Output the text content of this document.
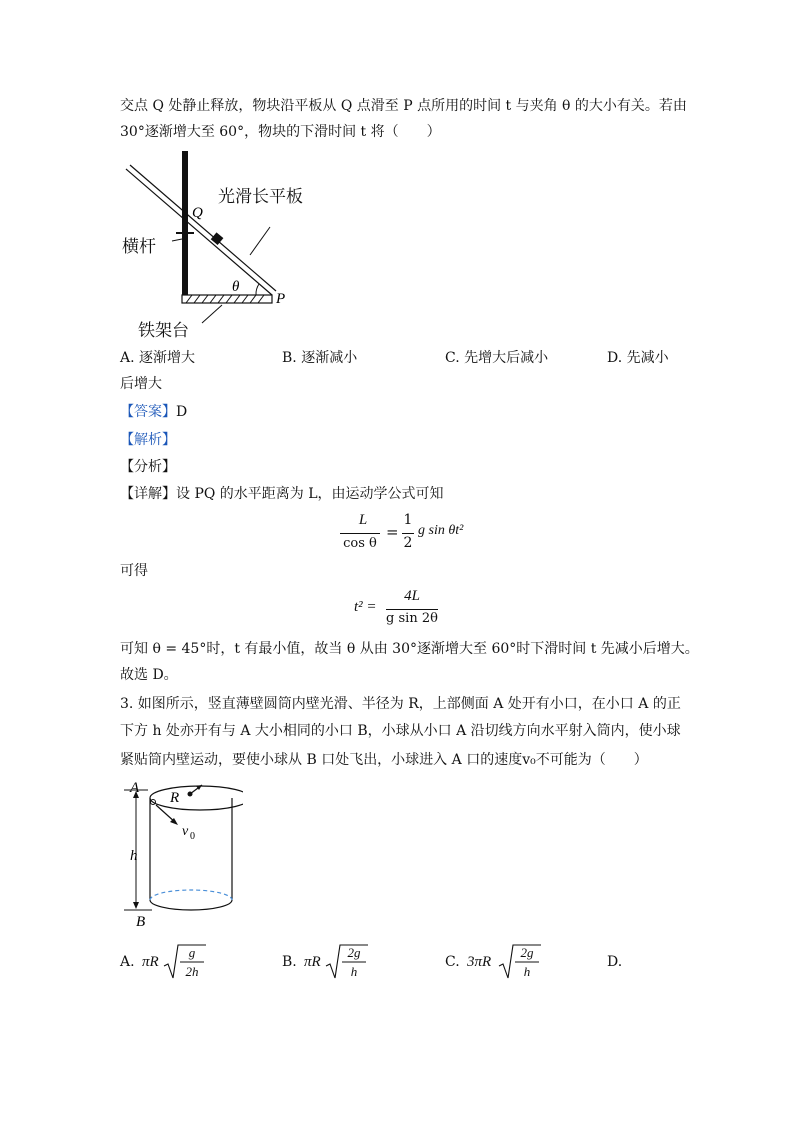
交点 Q 处静止释放，物块沿平板从 Q 点滑至 P 点所用的时间 t 与夹角 θ 的大小有关。若由
30°逐渐增大至 60°，物块的下滑时间 t 将（　　）
Q
P
θ
光滑长平板
横杆
铁架台
A. 逐渐增大	B. 逐渐减小	C. 先增大后减小	D. 先减小
后增大
【答案】D
【解析】
【分析】
【详解】设 PQ 的水平距离为 L，由运动学公式可知
L
cos θ
=
1
2
g sin θt²
可得
t² =
4L
g sin 2θ
可知 θ = 45°时，t 有最小值，故当 θ 从由 30°逐渐增大至 60°时下滑时间 t 先减小后增大。
故选 D。
3. 如图所示，竖直薄壁圆筒内壁光滑、半径为 R，上部侧面 A 处开有小口，在小口 A 的正
下方 h 处亦开有与 A 大小相同的小口 B，小球从小口 A 沿切线方向水平射入筒内，使小球
紧贴筒内壁运动，要使小球从 B 口处飞出，小球进入 A 口的速度v₀不可能为（　　）
A
B
R
h
v 0
A. πR
g
2h
B. πR
2g
h
C. 3πR
2g
h
D.
